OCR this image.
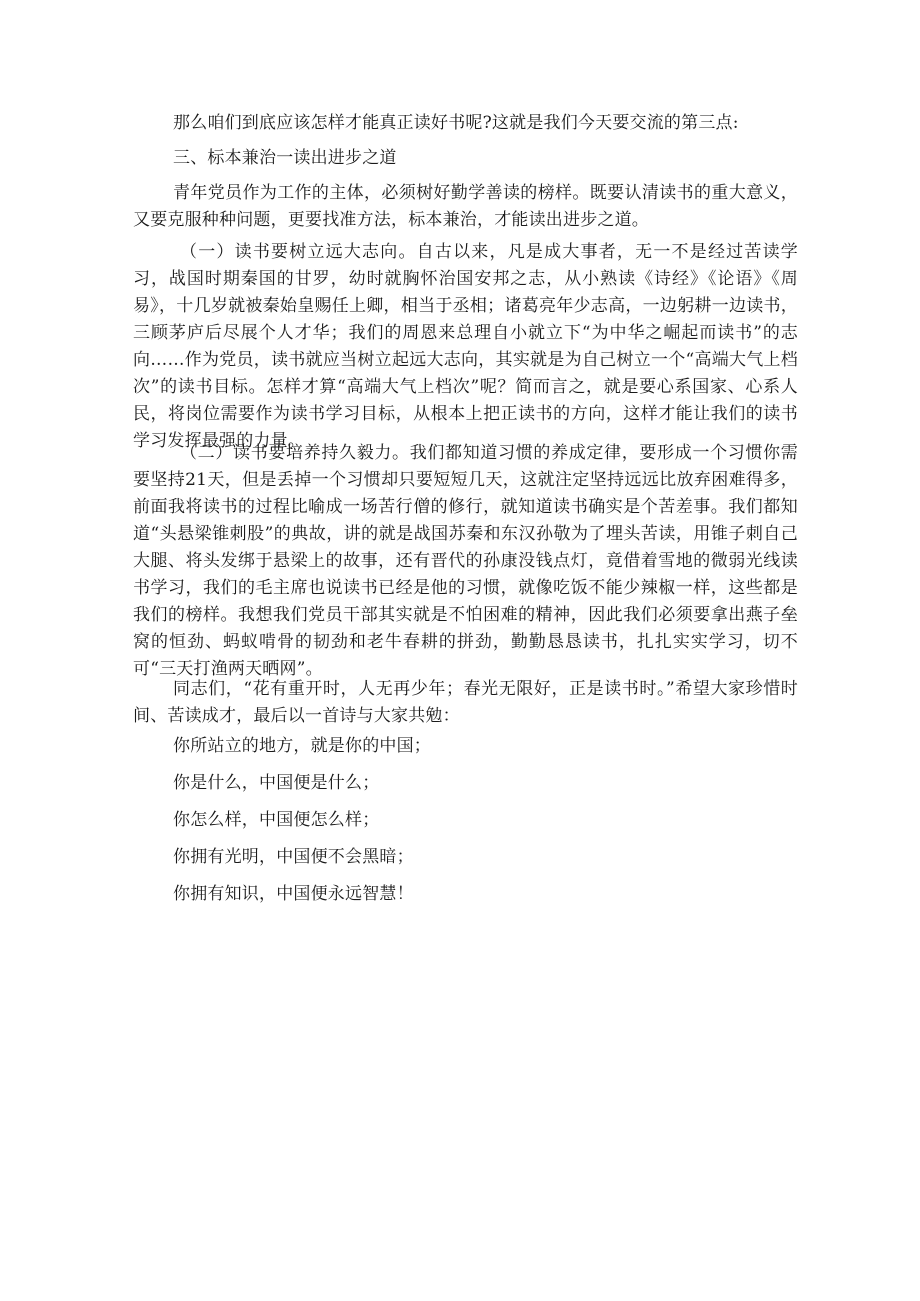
那么咱们到底应该怎样才能真正读好书呢?这就是我们今天要交流的第三点:

三、标本兼治一读出进步之道

青年党员作为工作的主体，必须树好勤学善读的榜样。既要认清读书的重大意义，又要克服种种问题，更要找准方法，标本兼治，才能读出进步之道。

（一）读书要树立远大志向。自古以来，凡是成大事者，无一不是经过苦读学习，战国时期秦国的甘罗，幼时就胸怀治国安邦之志，从小熟读《诗经》《论语》《周易》，十几岁就被秦始皇赐任上卿，相当于丞相；诸葛亮年少志高，一边躬耕一边读书，三顾茅庐后尽展个人才华；我们的周恩来总理自小就立下“为中华之崛起而读书”的志向……作为党员，读书就应当树立起远大志向，其实就是为自己树立一个“高端大气上档次”的读书目标。怎样才算“高端大气上档次”呢？简而言之，就是要心系国家、心系人民，将岗位需要作为读书学习目标，从根本上把正读书的方向，这样才能让我们的读书学习发挥最强的力量。

（二）读书要培养持久毅力。我们都知道习惯的养成定律，要形成一个习惯你需要坚持21天，但是丢掉一个习惯却只要短短几天，这就注定坚持远远比放弃困难得多，前面我将读书的过程比喻成一场苦行僧的修行，就知道读书确实是个苦差事。我们都知道“头悬梁锥刺股”的典故，讲的就是战国苏秦和东汉孙敬为了埋头苦读，用锥子刺自己大腿、将头发绑于悬梁上的故事，还有晋代的孙康没钱点灯，竟借着雪地的微弱光线读书学习，我们的毛主席也说读书已经是他的习惯，就像吃饭不能少辣椒一样，这些都是我们的榜样。我想我们党员干部其实就是不怕困难的精神，因此我们必须要拿出燕子垒窝的恒劲、蚂蚁啃骨的韧劲和老牛春耕的拼劲，勤勤恳恳读书，扎扎实实学习，切不可“三天打渔两天晒网”。

同志们，“花有重开时，人无再少年；春光无限好，正是读书时。”希望大家珍惜时间、苦读成才，最后以一首诗与大家共勉：

你所站立的地方，就是你的中国；

你是什么，中国便是什么；

你怎么样，中国便怎么样；

你拥有光明，中国便不会黑暗；

你拥有知识，中国便永远智慧！
